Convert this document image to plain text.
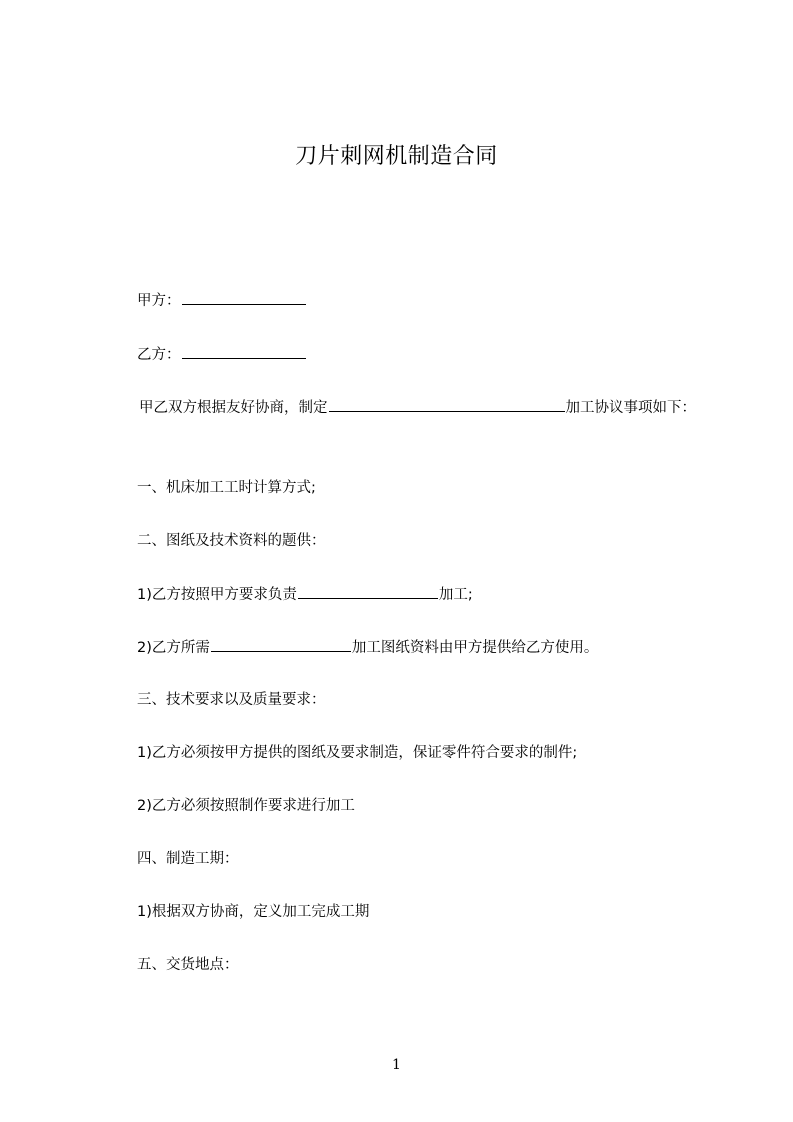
刀片刺网机制造合同
甲方：
乙方：
甲乙双方根据友好协商，制定	加工协议事项如下：
一、机床加工工时计算方式;
二、图纸及技术资料的题供：
1)乙方按照甲方要求负责	加工;
2)乙方所需	加工图纸资料由甲方提供给乙方使用。
三、技术要求以及质量要求：
1)乙方必须按甲方提供的图纸及要求制造，保证零件符合要求的制件;
2)乙方必须按照制作要求进行加工
四、制造工期：
1)根据双方协商，定义加工完成工期
五、交货地点：
1
